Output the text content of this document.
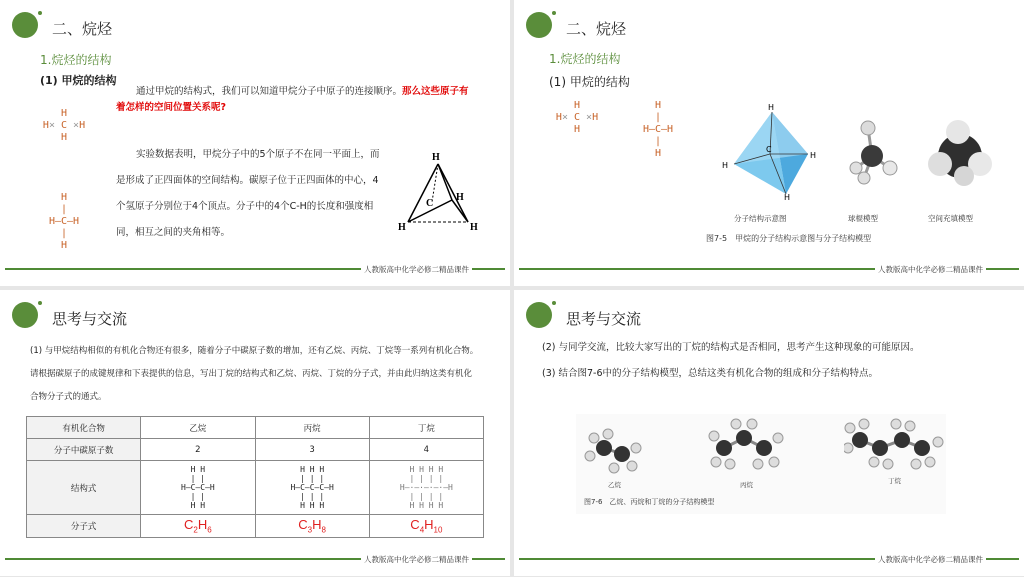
二、烷烃
1.烷烃的结构
(1) 甲烷的结构
通过甲烷的结构式，我们可以知道甲烷分子中原子的连接顺序。那么这些原子有着怎样的空间位置关系呢?
实验数据表明，甲烷分子中的5个原子不在同一平面上，而是形成了正四面体的空间结构。碳原子位于正四面体的中心，4个氢原子分别位于4个顶点。分子中的4个C-H的长度和强度相同，相互之间的夹角相等。
H
H× C ×H
H
H
|
H—C—H
|
H
H
C
H
H	H
人教版高中化学必修二精品课件
二、烷烃
1.烷烃的结构
(1) 甲烷的结构
H
H× C ×H
H
H
|
H—C—H
|
H
H
C
H
H
H
分子结构示意图	球棍模型	空间充填模型
图7-5　甲烷的分子结构示意图与分子结构模型
人教版高中化学必修二精品课件
思考与交流
(1) 与甲烷结构相似的有机化合物还有很多，随着分子中碳原子数的增加，还有乙烷、丙烷、丁烷等一系列有机化合物。请根据碳原子的成键规律和下表提供的信息，写出丁烷的结构式和乙烷、丙烷、丁烷的分子式，并由此归纳这类有机化合物分子式的通式。
有机化合物	乙烷	丙烷	丁烷
分子中碳原子数	2	3	4
结构式	H H
| |
H—C—C—H
| |
H H	H H H
| | |
H—C—C—C—H
| | |
H H H	H H H H
| | | |
H—·—·—·—·—H
| | | |
H H H H

分子式	$C_2H_6$	$C_3H_8$	$C_4H_{10}$
人教版高中化学必修二精品课件
思考与交流
(2) 与同学交流，比较大家写出的丁烷的结构式是否相同，思考产生这种现象的可能原因。
(3) 结合图7-6中的分子结构模型，总结这类有机化合物的组成和分子结构特点。
乙烷	丙烷	丁烷
图7-6　乙烷、丙烷和丁烷的分子结构模型
人教版高中化学必修二精品课件
